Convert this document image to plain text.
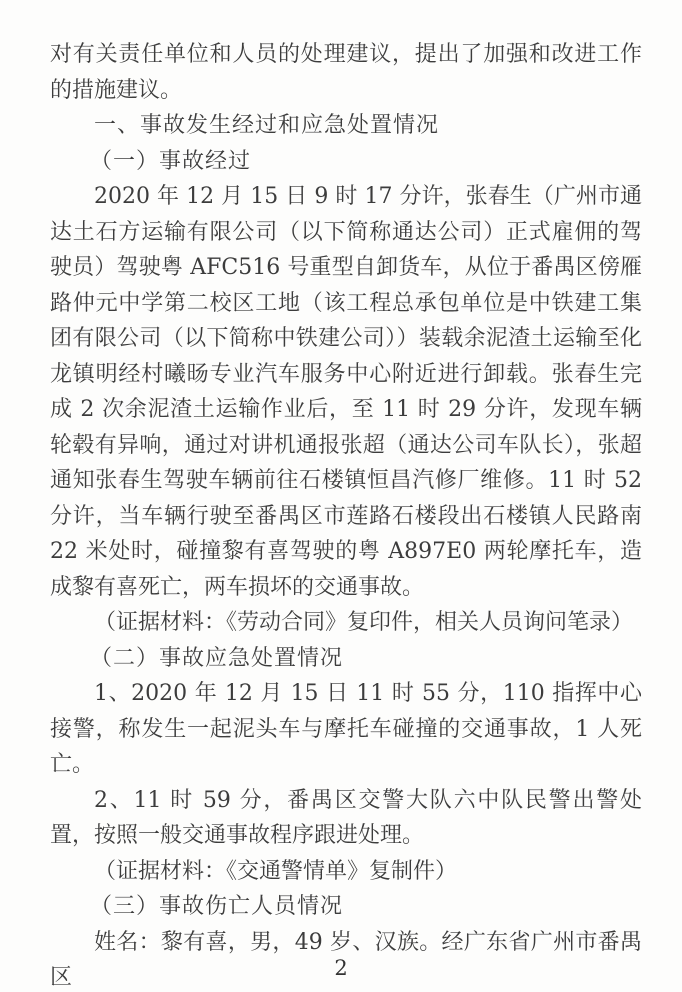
对有关责任单位和人员的处理建议，提出了加强和改进工作的措施建议。

一、事故发生经过和应急处置情况
（一）事故经过

2020 年 12 月 15 日 9 时 17 分许，张春生（广州市通达土石方运输有限公司（以下简称通达公司）正式雇佣的驾驶员）驾驶粤 AFC516 号重型自卸货车，从位于番禺区傍雁路仲元中学第二校区工地（该工程总承包单位是中铁建工集团有限公司（以下简称中铁建公司））装载余泥渣土运输至化龙镇明经村曦旸专业汽车服务中心附近进行卸载。张春生完成 2 次余泥渣土运输作业后，至 11 时 29 分许，发现车辆轮毂有异响，通过对讲机通报张超（通达公司车队长），张超通知张春生驾驶车辆前往石楼镇恒昌汽修厂维修。11 时 52 分许，当车辆行驶至番禺区市莲路石楼段出石楼镇人民路南 22 米处时，碰撞黎有喜驾驶的粤 A897E0 两轮摩托车，造成黎有喜死亡，两车损坏的交通事故。

（证据材料：《劳动合同》复印件，相关人员询问笔录）

（二）事故应急处置情况

1、2020 年 12 月 15 日 11 时 55 分，110 指挥中心接警，称发生一起泥头车与摩托车碰撞的交通事故，1 人死亡。

2、11 时 59 分，番禺区交警大队六中队民警出警处置，按照一般交通事故程序跟进处理。

（证据材料：《交通警情单》复制件）

（三）事故伤亡人员情况

姓名：黎有喜，男，49 岁、汉族。经广东省广州市番禺区	2
